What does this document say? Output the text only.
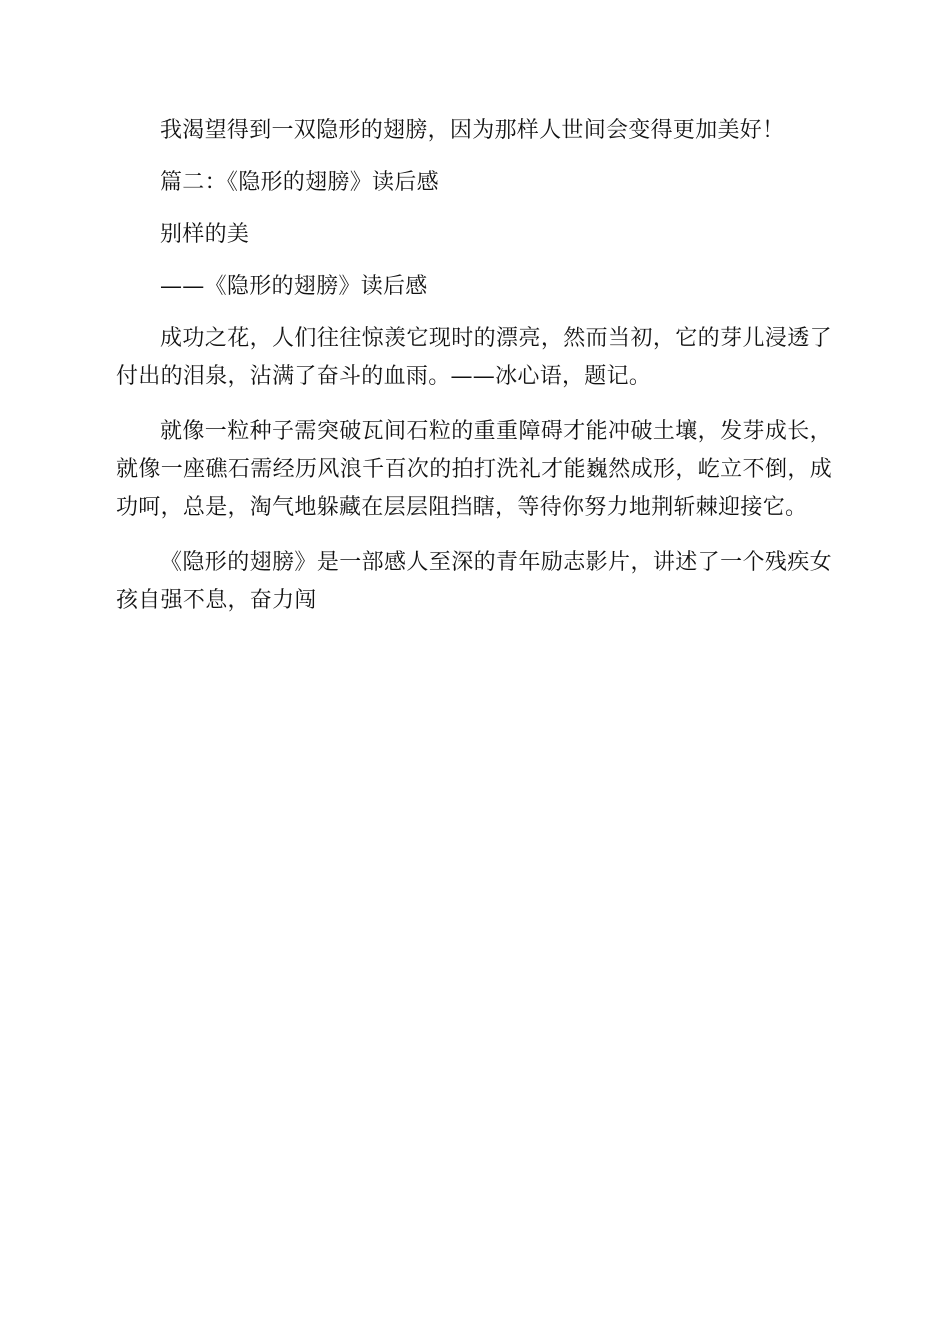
我渴望得到一双隐形的翅膀，因为那样人世间会变得更加美好！

篇二：《隐形的翅膀》读后感

别样的美

——《隐形的翅膀》读后感

成功之花，人们往往惊羡它现时的漂亮，然而当初，它的芽儿浸透了付出的泪泉，沾满了奋斗的血雨。——冰心语，题记。

就像一粒种子需突破瓦间石粒的重重障碍才能冲破土壤，发芽成长，就像一座礁石需经历风浪千百次的拍打洗礼才能巍然成形，屹立不倒，成功呵，总是，淘气地躲藏在层层阻挡瞎，等待你努力地荆斩棘迎接它。

《隐形的翅膀》是一部感人至深的青年励志影片，讲述了一个残疾女孩自强不息，奋力闯
